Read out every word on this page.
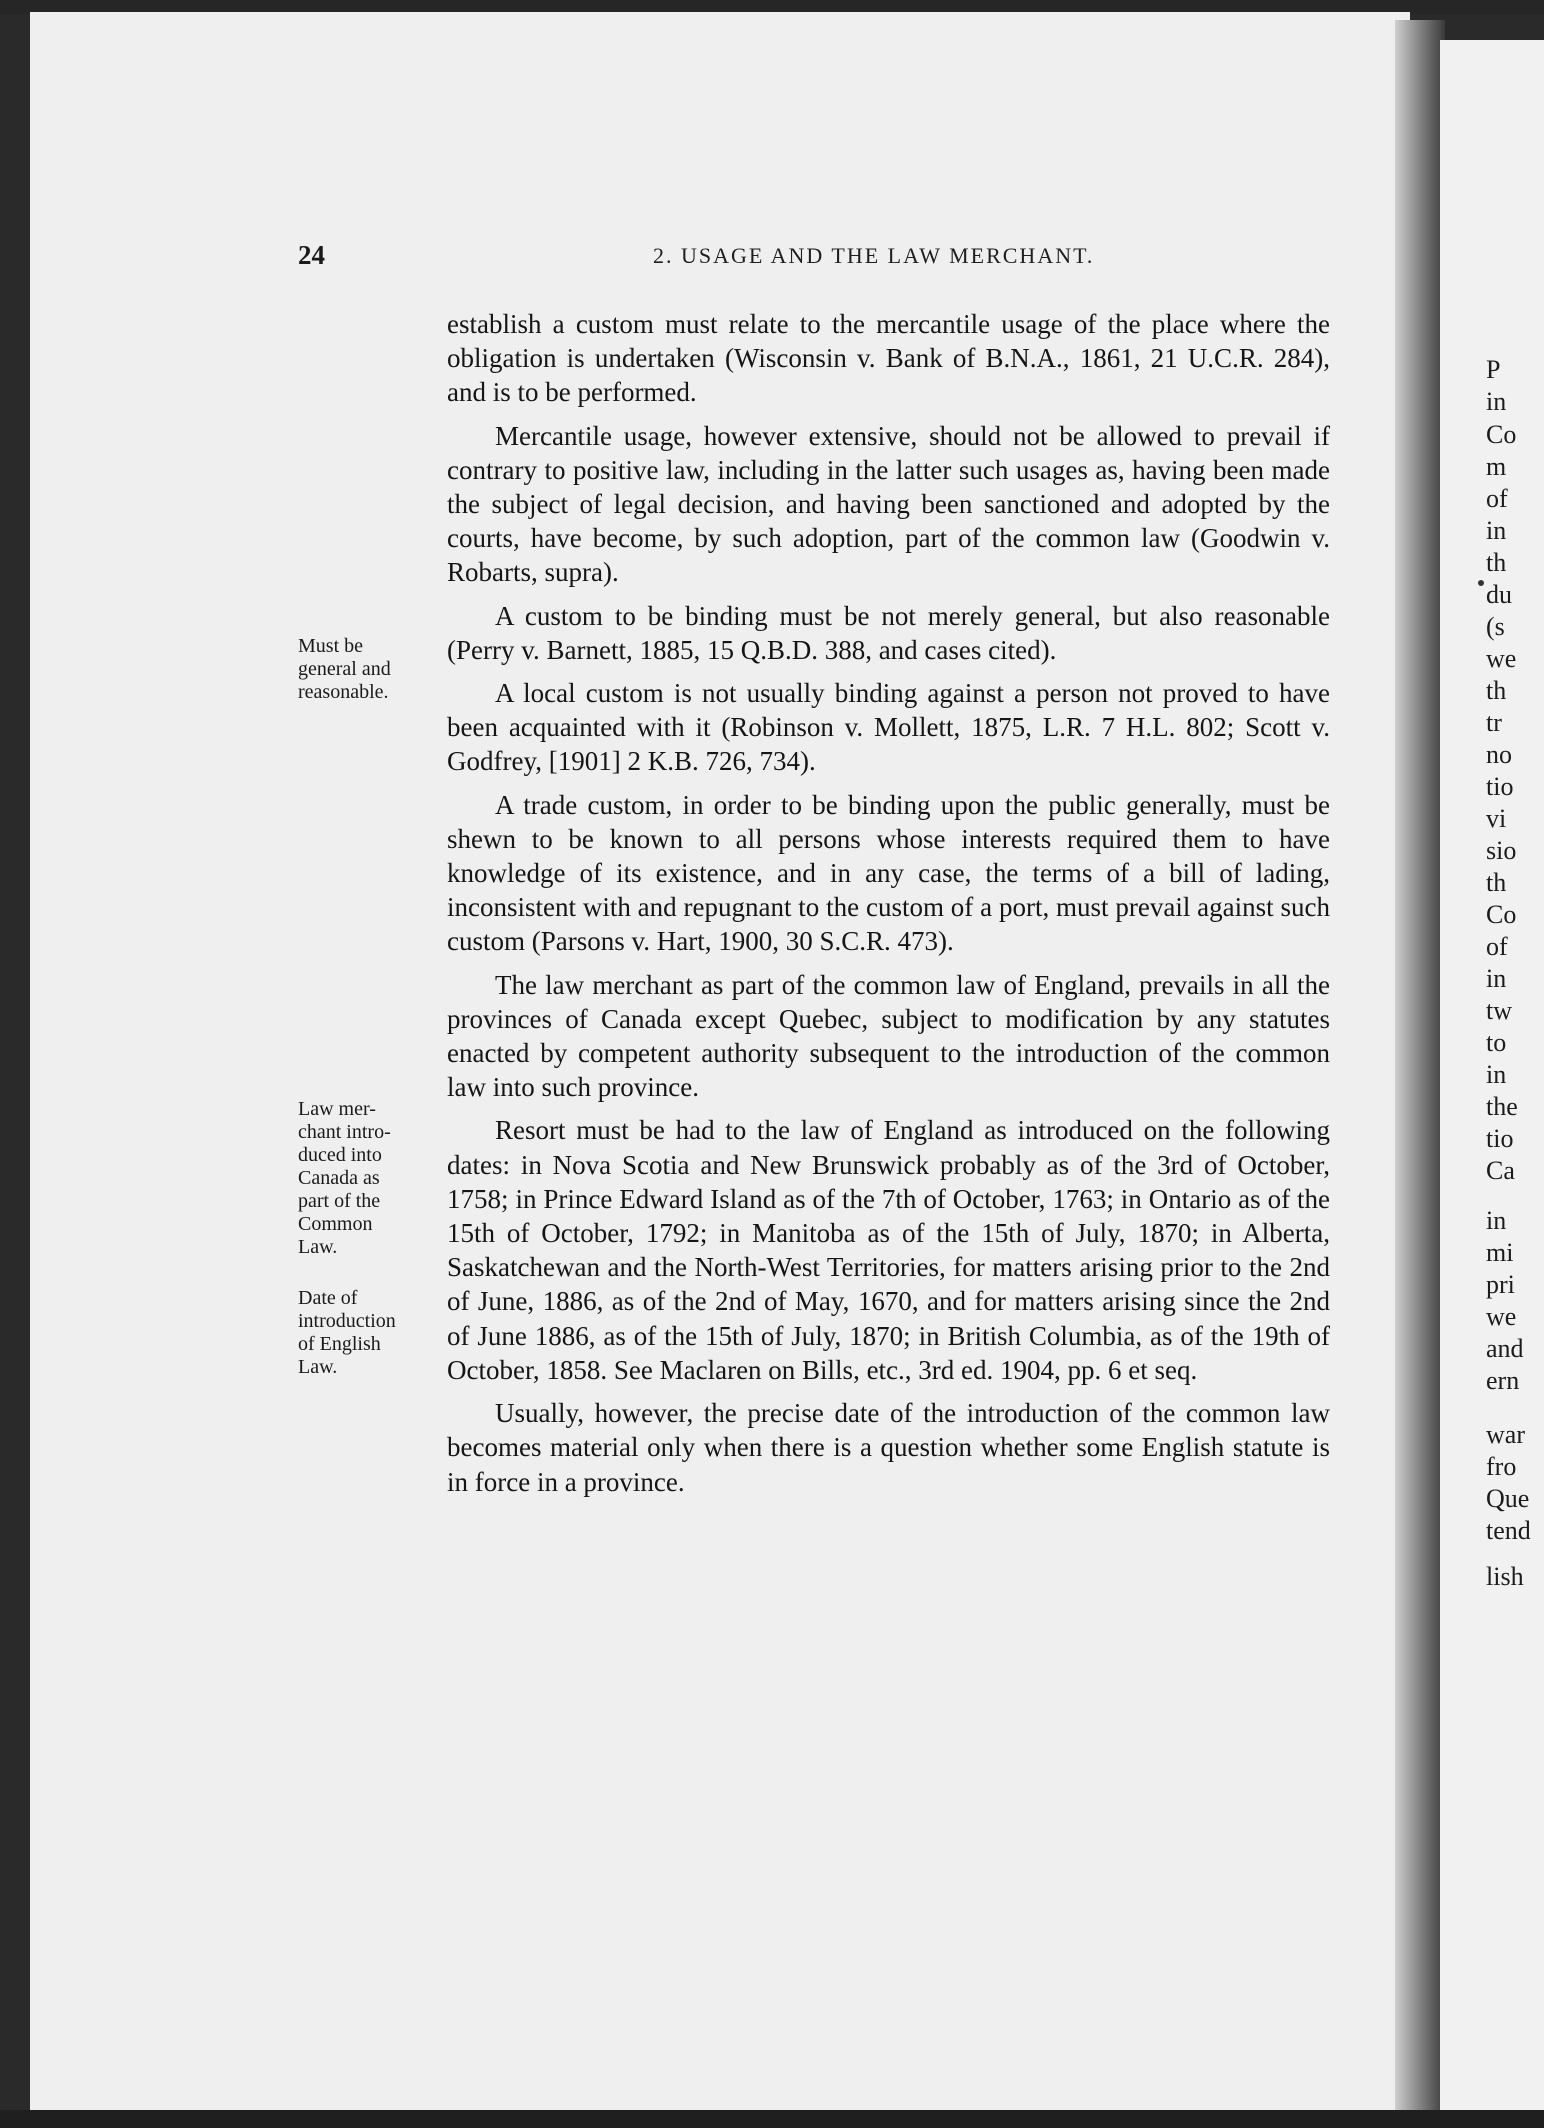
P
in
Co
m
of
in
th
du
(s
we
th
tr
no
tio
vi
sio
th
Co
of
in
tw
to
in
the
tio
Ca
in
mi
pri
we
and
ern
war
fro
Que
tend
lish
24	2. USAGE AND THE LAW MERCHANT.
Must be
general and
reasonable.
Law mer-
chant intro-
duced into
Canada as
part of the
Common
Law.
Date of
introduction
of English
Law.

establish a custom must relate to the mercantile usage of the place where the obligation is undertaken (Wisconsin v. Bank of B.N.A., 1861, 21 U.C.R. 284), and is to be performed.

Mercantile usage, however extensive, should not be allowed to prevail if contrary to positive law, including in the latter such usages as, having been made the subject of legal decision, and having been sanctioned and adopted by the courts, have become, by such adoption, part of the common law (Goodwin v. Robarts, supra).

A custom to be binding must be not merely general, but also reasonable (Perry v. Barnett, 1885, 15 Q.B.D. 388, and cases cited).

A local custom is not usually binding against a person not proved to have been acquainted with it (Robinson v. Mollett, 1875, L.R. 7 H.L. 802; Scott v. Godfrey, [1901] 2 K.B. 726, 734).

A trade custom, in order to be binding upon the public generally, must be shewn to be known to all persons whose interests required them to have knowledge of its existence, and in any case, the terms of a bill of lading, inconsistent with and repugnant to the custom of a port, must prevail against such custom (Parsons v. Hart, 1900, 30 S.C.R. 473).

The law merchant as part of the common law of England, prevails in all the provinces of Canada except Quebec, subject to modification by any statutes enacted by competent authority subsequent to the introduction of the common law into such province.

Resort must be had to the law of England as introduced on the following dates: in Nova Scotia and New Brunswick probably as of the 3rd of October, 1758; in Prince Edward Island as of the 7th of October, 1763; in Ontario as of the 15th of October, 1792; in Manitoba as of the 15th of July, 1870; in Alberta, Saskatchewan and the North-West Territories, for matters arising prior to the 2nd of June, 1886, as of the 2nd of May, 1670, and for matters arising since the 2nd of June 1886, as of the 15th of July, 1870; in British Columbia, as of the 19th of October, 1858. See Maclaren on Bills, etc., 3rd ed. 1904, pp. 6 et seq.

Usually, however, the precise date of the introduction of the common law becomes material only when there is a question whether some English statute is in force in a province.
